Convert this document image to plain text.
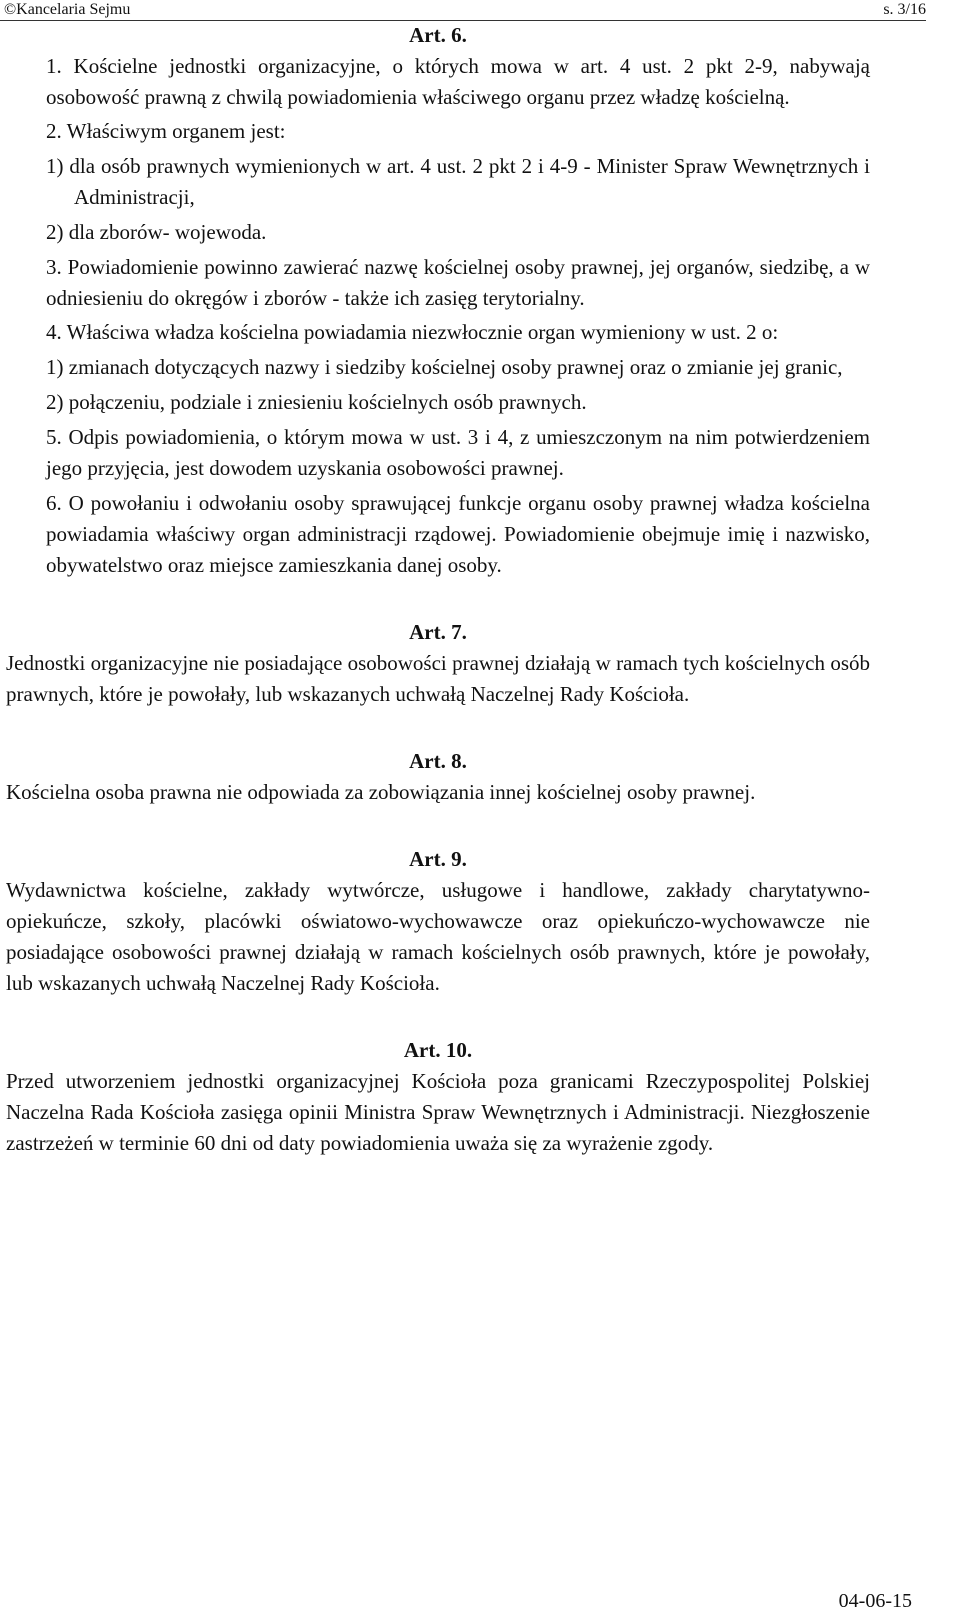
©Kancelaria Sejmu	s. 3/16
Art. 6.
1. Kościelne jednostki organizacyjne, o których mowa w art. 4 ust. 2 pkt 2-9, nabywają osobowość prawną z chwilą powiadomienia właściwego organu przez władzę kościelną.
2. Właściwym organem jest:
1) dla osób prawnych wymienionych w art. 4 ust. 2 pkt 2 i 4-9 - Minister Spraw Wewnętrznych i Administracji,
2) dla zborów- wojewoda.
3. Powiadomienie powinno zawierać nazwę kościelnej osoby prawnej, jej organów, siedzibę, a w odniesieniu do okręgów i zborów - także ich zasięg terytorialny.
4. Właściwa władza kościelna powiadamia niezwłocznie organ wymieniony w ust. 2 o:
1) zmianach dotyczących nazwy i siedziby kościelnej osoby prawnej oraz o zmianie jej granic,
2) połączeniu, podziale i zniesieniu kościelnych osób prawnych.
5. Odpis powiadomienia, o którym mowa w ust. 3 i 4, z umieszczonym na nim potwierdzeniem jego przyjęcia, jest dowodem uzyskania osobowości prawnej.
6. O powołaniu i odwołaniu osoby sprawującej funkcje organu osoby prawnej władza kościelna powiadamia właściwy organ administracji rządowej. Powiadomienie obejmuje imię i nazwisko, obywatelstwo oraz miejsce zamieszkania danej osoby.
Art. 7.
Jednostki organizacyjne nie posiadające osobowości prawnej działają w ramach tych kościelnych osób prawnych, które je powołały, lub wskazanych uchwałą Naczelnej Rady Kościoła.
Art. 8.
Kościelna osoba prawna nie odpowiada za zobowiązania innej kościelnej osoby prawnej.
Art. 9.
Wydawnictwa kościelne, zakłady wytwórcze, usługowe i handlowe, zakłady charytatywno-opiekuńcze, szkoły, placówki oświatowo-wychowawcze oraz opiekuńczo-wychowawcze nie posiadające osobowości prawnej działają w ramach kościelnych osób prawnych, które je powołały, lub wskazanych uchwałą Naczelnej Rady Kościoła.
Art. 10.
Przed utworzeniem jednostki organizacyjnej Kościoła poza granicami Rzeczypospolitej Polskiej Naczelna Rada Kościoła zasięga opinii Ministra Spraw Wewnętrznych i Administracji. Niezgłoszenie zastrzeżeń w terminie 60 dni od daty powiadomienia uważa się za wyrażenie zgody.
04-06-15
